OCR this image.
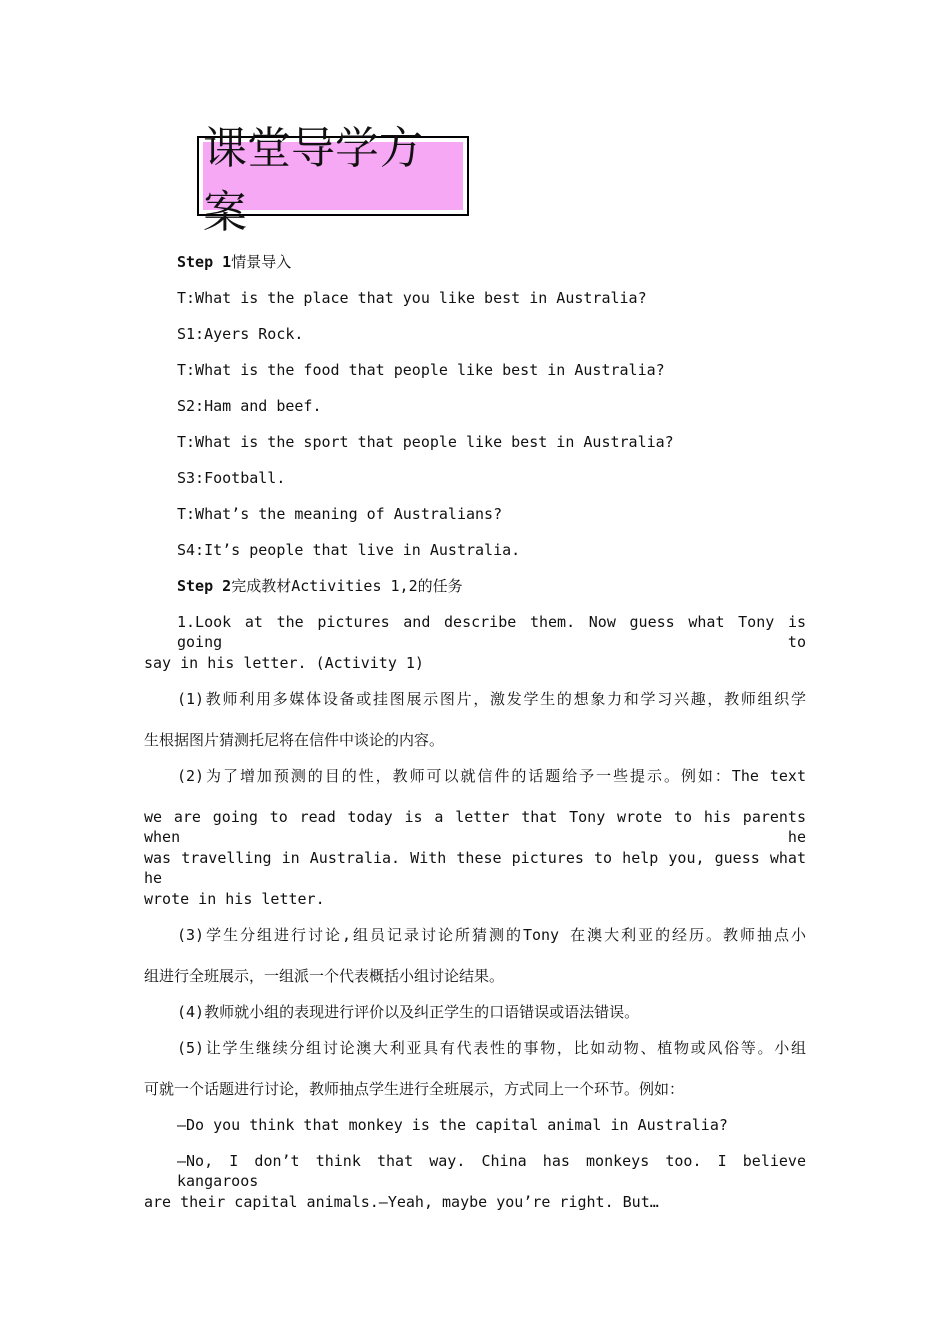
课堂导学方案
Step 1情景导入
T:What is the place that you like best in Australia?
S1:Ayers Rock.
T:What is the food that people like best in Australia?
S2:Ham and beef.
T:What is the sport that people like best in Australia?
S3:Football.
T:What’s the meaning of Australians?
S4:It’s people that live in Australia.
Step 2完成教材Activities 1,2的任务
1.Look at the pictures and describe them. Now guess what Tony is going to
say in his letter. (Activity 1)
(1)教师利用多媒体设备或挂图展示图片，激发学生的想象力和学习兴趣，教师组织学
生根据图片猜测托尼将在信件中谈论的内容。
(2)为了增加预测的目的性，教师可以就信件的话题给予一些提示。例如：The text
we are going to read today is a letter that Tony wrote to his parents when he
was travelling in Australia. With these pictures to help you, guess what he
wrote in his letter.
(3)学生分组进行讨论,组员记录讨论所猜测的Tony 在澳大利亚的经历。教师抽点小
组进行全班展示，一组派一个代表概括小组讨论结果。
(4)教师就小组的表现进行评价以及纠正学生的口语错误或语法错误。
(5)让学生继续分组讨论澳大利亚具有代表性的事物，比如动物、植物或风俗等。小组
可就一个话题进行讨论，教师抽点学生进行全班展示，方式同上一个环节。例如：
—Do you think that monkey is the capital animal in Australia?
—No, I don’t think that way. China has monkeys too. I believe kangaroos
are their capital animals.—Yeah, maybe you’re right. But…
